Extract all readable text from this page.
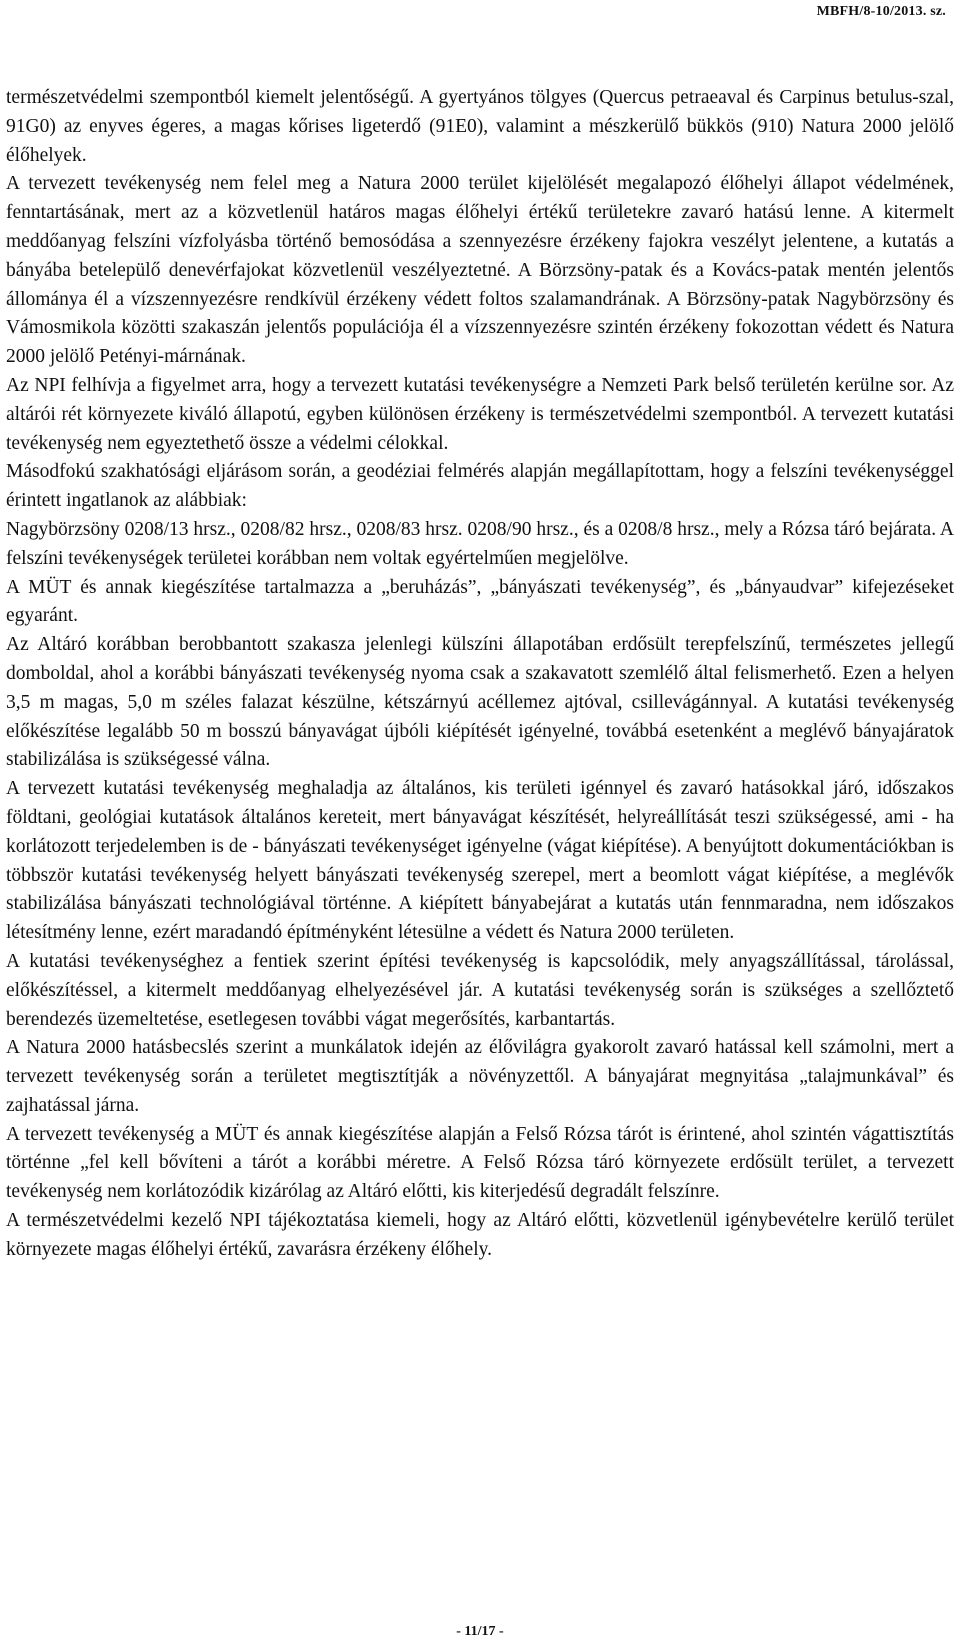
MBFH/8-10/2013. sz.

természetvédelmi szempontból kiemelt jelentőségű. A gyertyános tölgyes (Quercus petraeaval és Carpinus betulus-szal, 91G0) az enyves égeres, a magas kőrises ligeterdő (91E0), valamint a mészkerülő bükkös (910) Natura 2000 jelölő élőhelyek.

A tervezett tevékenység nem felel meg a Natura 2000 terület kijelölését megalapozó élőhelyi állapot védelmének, fenntartásának, mert az a közvetlenül határos magas élőhelyi értékű területekre zavaró hatású lenne. A kitermelt meddőanyag felszíni vízfolyásba történő bemosódása a szennyezésre érzékeny fajokra veszélyt jelentene, a kutatás a bányába betelepülő denevérfajokat közvetlenül veszélyeztetné. A Börzsöny-patak és a Kovács-patak mentén jelentős állománya él a vízszennyezésre rendkívül érzékeny védett foltos szalamandrának. A Börzsöny-patak Nagybörzsöny és Vámosmikola közötti szakaszán jelentős populációja él a vízszennyezésre szintén érzékeny fokozottan védett és Natura 2000 jelölő Petényi-márnának.

Az NPI felhívja a figyelmet arra, hogy a tervezett kutatási tevékenységre a Nemzeti Park belső területén kerülne sor. Az altárói rét környezete kiváló állapotú, egyben különösen érzékeny is természetvédelmi szempontból. A tervezett kutatási tevékenység nem egyeztethető össze a védelmi célokkal.

Másodfokú szakhatósági eljárásom során, a geodéziai felmérés alapján megállapítottam, hogy a felszíni tevékenységgel érintett ingatlanok az alábbiak:

Nagybörzsöny 0208/13 hrsz., 0208/82 hrsz., 0208/83 hrsz. 0208/90 hrsz., és a 0208/8 hrsz., mely a Rózsa táró bejárata. A felszíni tevékenységek területei korábban nem voltak egyértelműen megjelölve.

A MÜT és annak kiegészítése tartalmazza a „beruházás”, „bányászati tevékenység”, és „bányaudvar” kifejezéseket egyaránt.

Az Altáró korábban berobbantott szakasza jelenlegi külszíni állapotában erdősült terepfelszínű, természetes jellegű domboldal, ahol a korábbi bányászati tevékenység nyoma csak a szakavatott szemlélő által felismerhető. Ezen a helyen 3,5 m magas, 5,0 m széles falazat készülne, kétszárnyú acéllemez ajtóval, csillevágánnyal. A kutatási tevékenység előkészítése legalább 50 m bosszú bányavágat újbóli kiépítését igényelné, továbbá esetenként a meglévő bányajáratok stabilizálása is szükségessé válna.

A tervezett kutatási tevékenység meghaladja az általános, kis területi igénnyel és zavaró hatásokkal járó, időszakos földtani, geológiai kutatások általános kereteit, mert bányavágat készítését, helyreállítását teszi szükségessé, ami - ha korlátozott terjedelemben is de - bányászati tevékenységet igényelne (vágat kiépítése). A benyújtott dokumentációkban is többször kutatási tevékenység helyett bányászati tevékenység szerepel, mert a beomlott vágat kiépítése, a meglévők stabilizálása bányászati technológiával történne. A kiépített bányabejárat a kutatás után fennmaradna, nem időszakos létesítmény lenne, ezért maradandó építményként létesülne a védett és Natura 2000 területen.

A kutatási tevékenységhez a fentiek szerint építési tevékenység is kapcsolódik, mely anyagszállítással, tárolással, előkészítéssel, a kitermelt meddőanyag elhelyezésével jár. A kutatási tevékenység során is szükséges a szellőztető berendezés üzemeltetése, esetlegesen további vágat megerősítés, karbantartás.

A Natura 2000 hatásbecslés szerint a munkálatok idején az élővilágra gyakorolt zavaró hatással kell számolni, mert a tervezett tevékenység során a területet megtisztítják a növényzettől. A bányajárat megnyitása „talajmunkával” és zajhatással járna.

A tervezett tevékenység a MÜT és annak kiegészítése alapján a Felső Rózsa tárót is érintené, ahol szintén vágattisztítás történne „fel kell bővíteni a tárót a korábbi méretre. A Felső Rózsa táró környezete erdősült terület, a tervezett tevékenység nem korlátozódik kizárólag az Altáró előtti, kis kiterjedésű degradált felszínre.

A természetvédelmi kezelő NPI tájékoztatása kiemeli, hogy az Altáró előtti, közvetlenül igénybevételre kerülő terület környezete magas élőhelyi értékű, zavarásra érzékeny élőhely.

- 11/17 -
